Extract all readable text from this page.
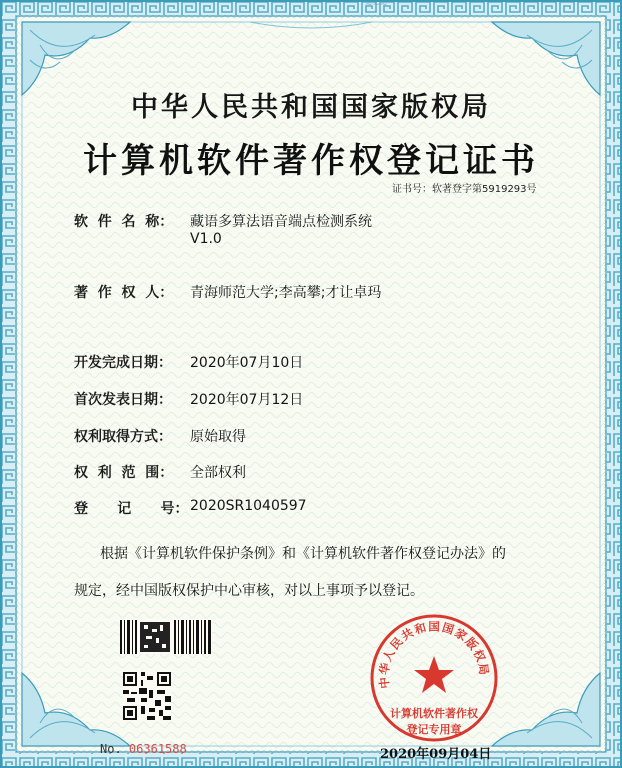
~~~
中华人民共和国国家版权局
计算机软件著作权登记证书
证书号：软著登字第5919293号
软  件  名  称： 藏语多算法语音端点检测系统
V1.0
著  作  权  人： 青海师范大学;李高攀;才让卓玛
开发完成日期： 2020年07月10日
首次发表日期： 2020年07月12日
权利取得方式： 原始取得
权  利  范  围： 全部权利
登      记      号： 2020SR1040597
根据《计算机软件保护条例》和《计算机软件著作权登记办法》的
规定，经中国版权保护中心审核，对以上事项予以登记。
No. 06361588
中华人民共和国国家版权局
计算机软件著作权
登记专用章
2020年09月04日
